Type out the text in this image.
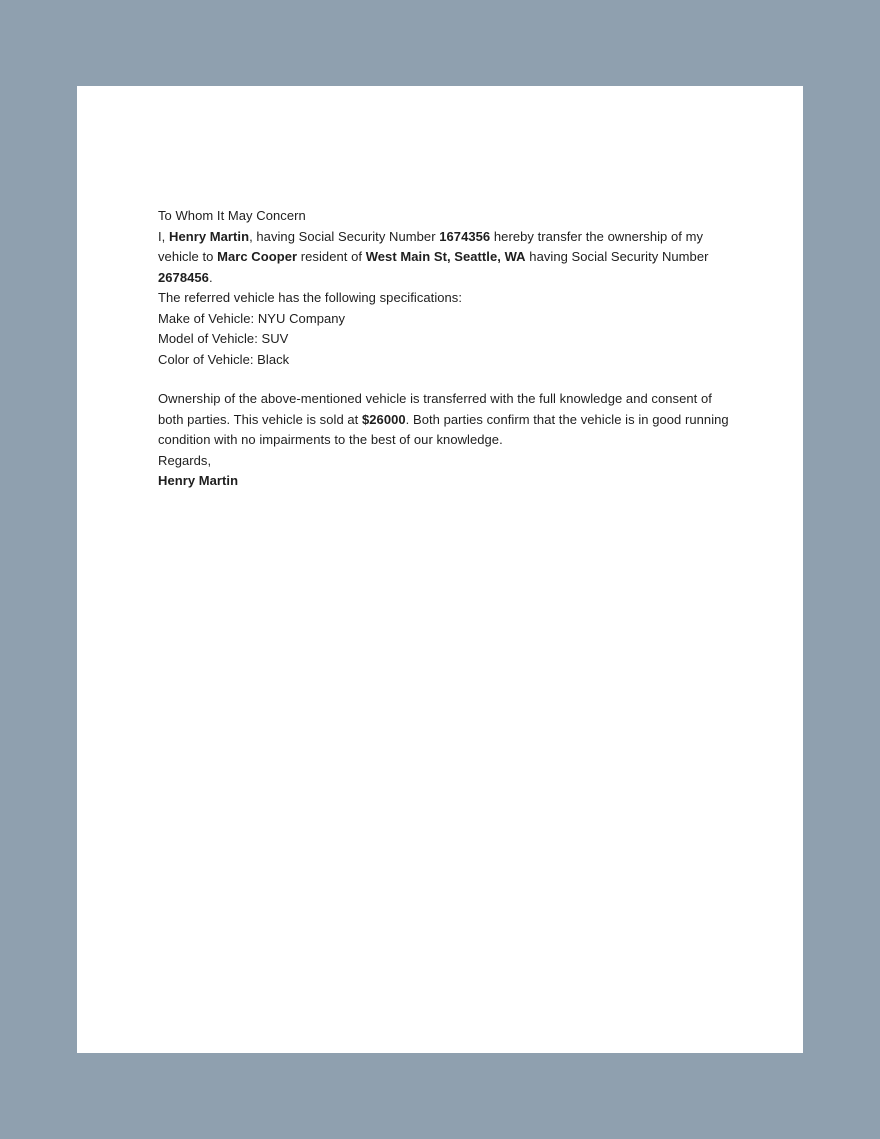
To Whom It May Concern

I, Henry Martin, having Social Security Number 1674356 hereby transfer the ownership of my vehicle to Marc Cooper resident of West Main St, Seattle, WA having Social Security Number 2678456.

The referred vehicle has the following specifications:

Make of Vehicle: NYU Company

Model of Vehicle: SUV

Color of Vehicle: Black

Ownership of the above-mentioned vehicle is transferred with the full knowledge and consent of both parties. This vehicle is sold at $26000. Both parties confirm that the vehicle is in good running condition with no impairments to the best of our knowledge.

Regards,

Henry Martin
